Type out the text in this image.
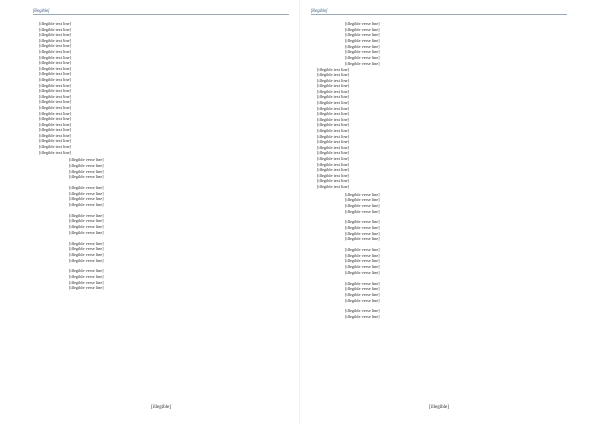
[illegible]

[illegible text line]

[illegible text line]

[illegible text line]

[illegible text line]

[illegible text line]

[illegible text line]

[illegible text line]

[illegible text line]

[illegible text line]

[illegible text line]

[illegible text line]

[illegible text line]

[illegible text line]

[illegible text line]

[illegible text line]

[illegible text line]

[illegible text line]

[illegible text line]

[illegible text line]

[illegible text line]

[illegible text line]

[illegible text line]

[illegible text line]

[illegible text line]

[illegible verse line]
[illegible verse line]
[illegible verse line]
[illegible verse line]
[illegible verse line]
[illegible verse line]
[illegible verse line]
[illegible verse line]
[illegible verse line]
[illegible verse line]
[illegible verse line]
[illegible verse line]
[illegible verse line]
[illegible verse line]
[illegible verse line]
[illegible verse line]
[illegible verse line]
[illegible verse line]
[illegible verse line]
[illegible verse line]
[illegible]
[illegible]
[illegible verse line]
[illegible verse line]
[illegible verse line]
[illegible verse line]
[illegible verse line]
[illegible verse line]
[illegible verse line]
[illegible verse line]

[illegible text line]

[illegible text line]

[illegible text line]

[illegible text line]

[illegible text line]

[illegible text line]

[illegible text line]

[illegible text line]

[illegible text line]

[illegible text line]

[illegible text line]

[illegible text line]

[illegible text line]

[illegible text line]

[illegible text line]

[illegible text line]

[illegible text line]

[illegible text line]

[illegible text line]

[illegible text line]

[illegible text line]

[illegible text line]

[illegible verse line]
[illegible verse line]
[illegible verse line]
[illegible verse line]
[illegible verse line]
[illegible verse line]
[illegible verse line]
[illegible verse line]
[illegible verse line]
[illegible verse line]
[illegible verse line]
[illegible verse line]
[illegible verse line]
[illegible verse line]
[illegible verse line]
[illegible verse line]
[illegible verse line]
[illegible verse line]
[illegible verse line]
[illegible]
